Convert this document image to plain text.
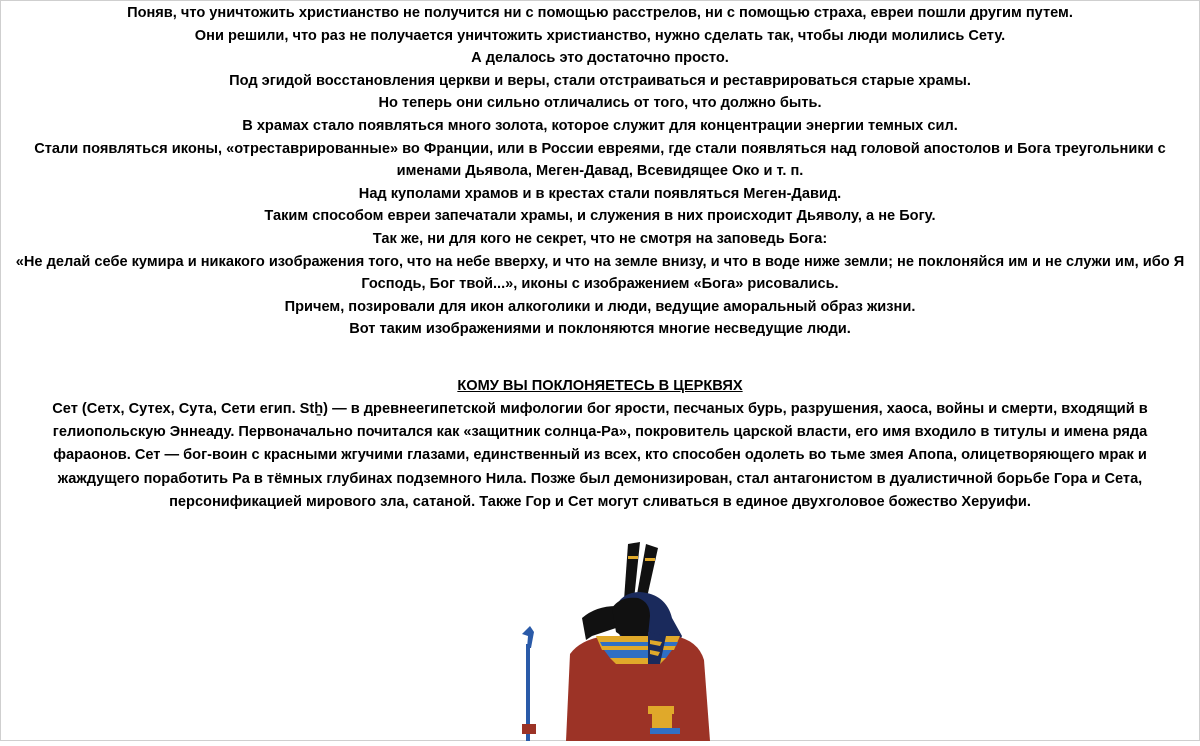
Поняв, что уничтожить христианство не получится ни с помощью расстрелов, ни с помощью страха, евреи пошли другим путем.

Они решили, что раз не получается уничтожить христианство, нужно сделать так, чтобы люди молились Сету.

А делалось это достаточно просто.

Под эгидой восстановления церкви и веры, стали отстраиваться и реставрироваться старые храмы.

Но теперь они сильно отличались от того, что должно быть.

В храмах стало появляться много золота, которое служит для концентрации энергии темных сил.

Стали появляться иконы, «отреставрированные» во Франции, или в России евреями, где стали появляться над головой апостолов и Бога треугольники с именами Дьявола, Меген-Давад, Всевидящее Око и т. п.

Над куполами храмов и в крестах стали появляться Меген-Давид.

Таким способом евреи запечатали храмы, и служения в них происходит Дьяволу, а не Богу.

Так же, ни для кого не секрет, что не смотря на заповедь Бога:

«Не делай себе кумира и никакого изображения того, что на небе вверху, и что на земле внизу, и что в воде ниже земли; не поклоняйся им и не служи им, ибо Я Господь, Бог твой...», иконы с изображением «Бога» рисовались.

Причем, позировали для икон алкоголики и люди, ведущие аморальный образ жизни.

Вот таким изображениями и поклоняются многие несведущие люди.

КОМУ ВЫ ПОКЛОНЯЕТЕСЬ В ЦЕРКВЯХ

Сет (Сетх, Сутех, Сута, Сети егип. Stẖ) — в древнеегипетской мифологии бог ярости, песчаных бурь, разрушения, хаоса, войны и смерти, входящий в гелиопольскую Эннеаду. Первоначально почитался как «защитник солнца-Ра», покровитель царской власти, его имя входило в титулы и имена ряда фараонов. Сет — бог-воин с красными жгучими глазами, единственный из всех, кто способен одолеть во тьме змея Апопа, олицетворяющего мрак и жаждущего поработить Ра в тёмных глубинах подземного Нила. Позже был демонизирован, стал антагонистом в дуалистичной борьбе Гора и Сета, персонификацией мирового зла, сатаной. Также Гор и Сет могут сливаться в единое двухголовое божество Херуифи.
